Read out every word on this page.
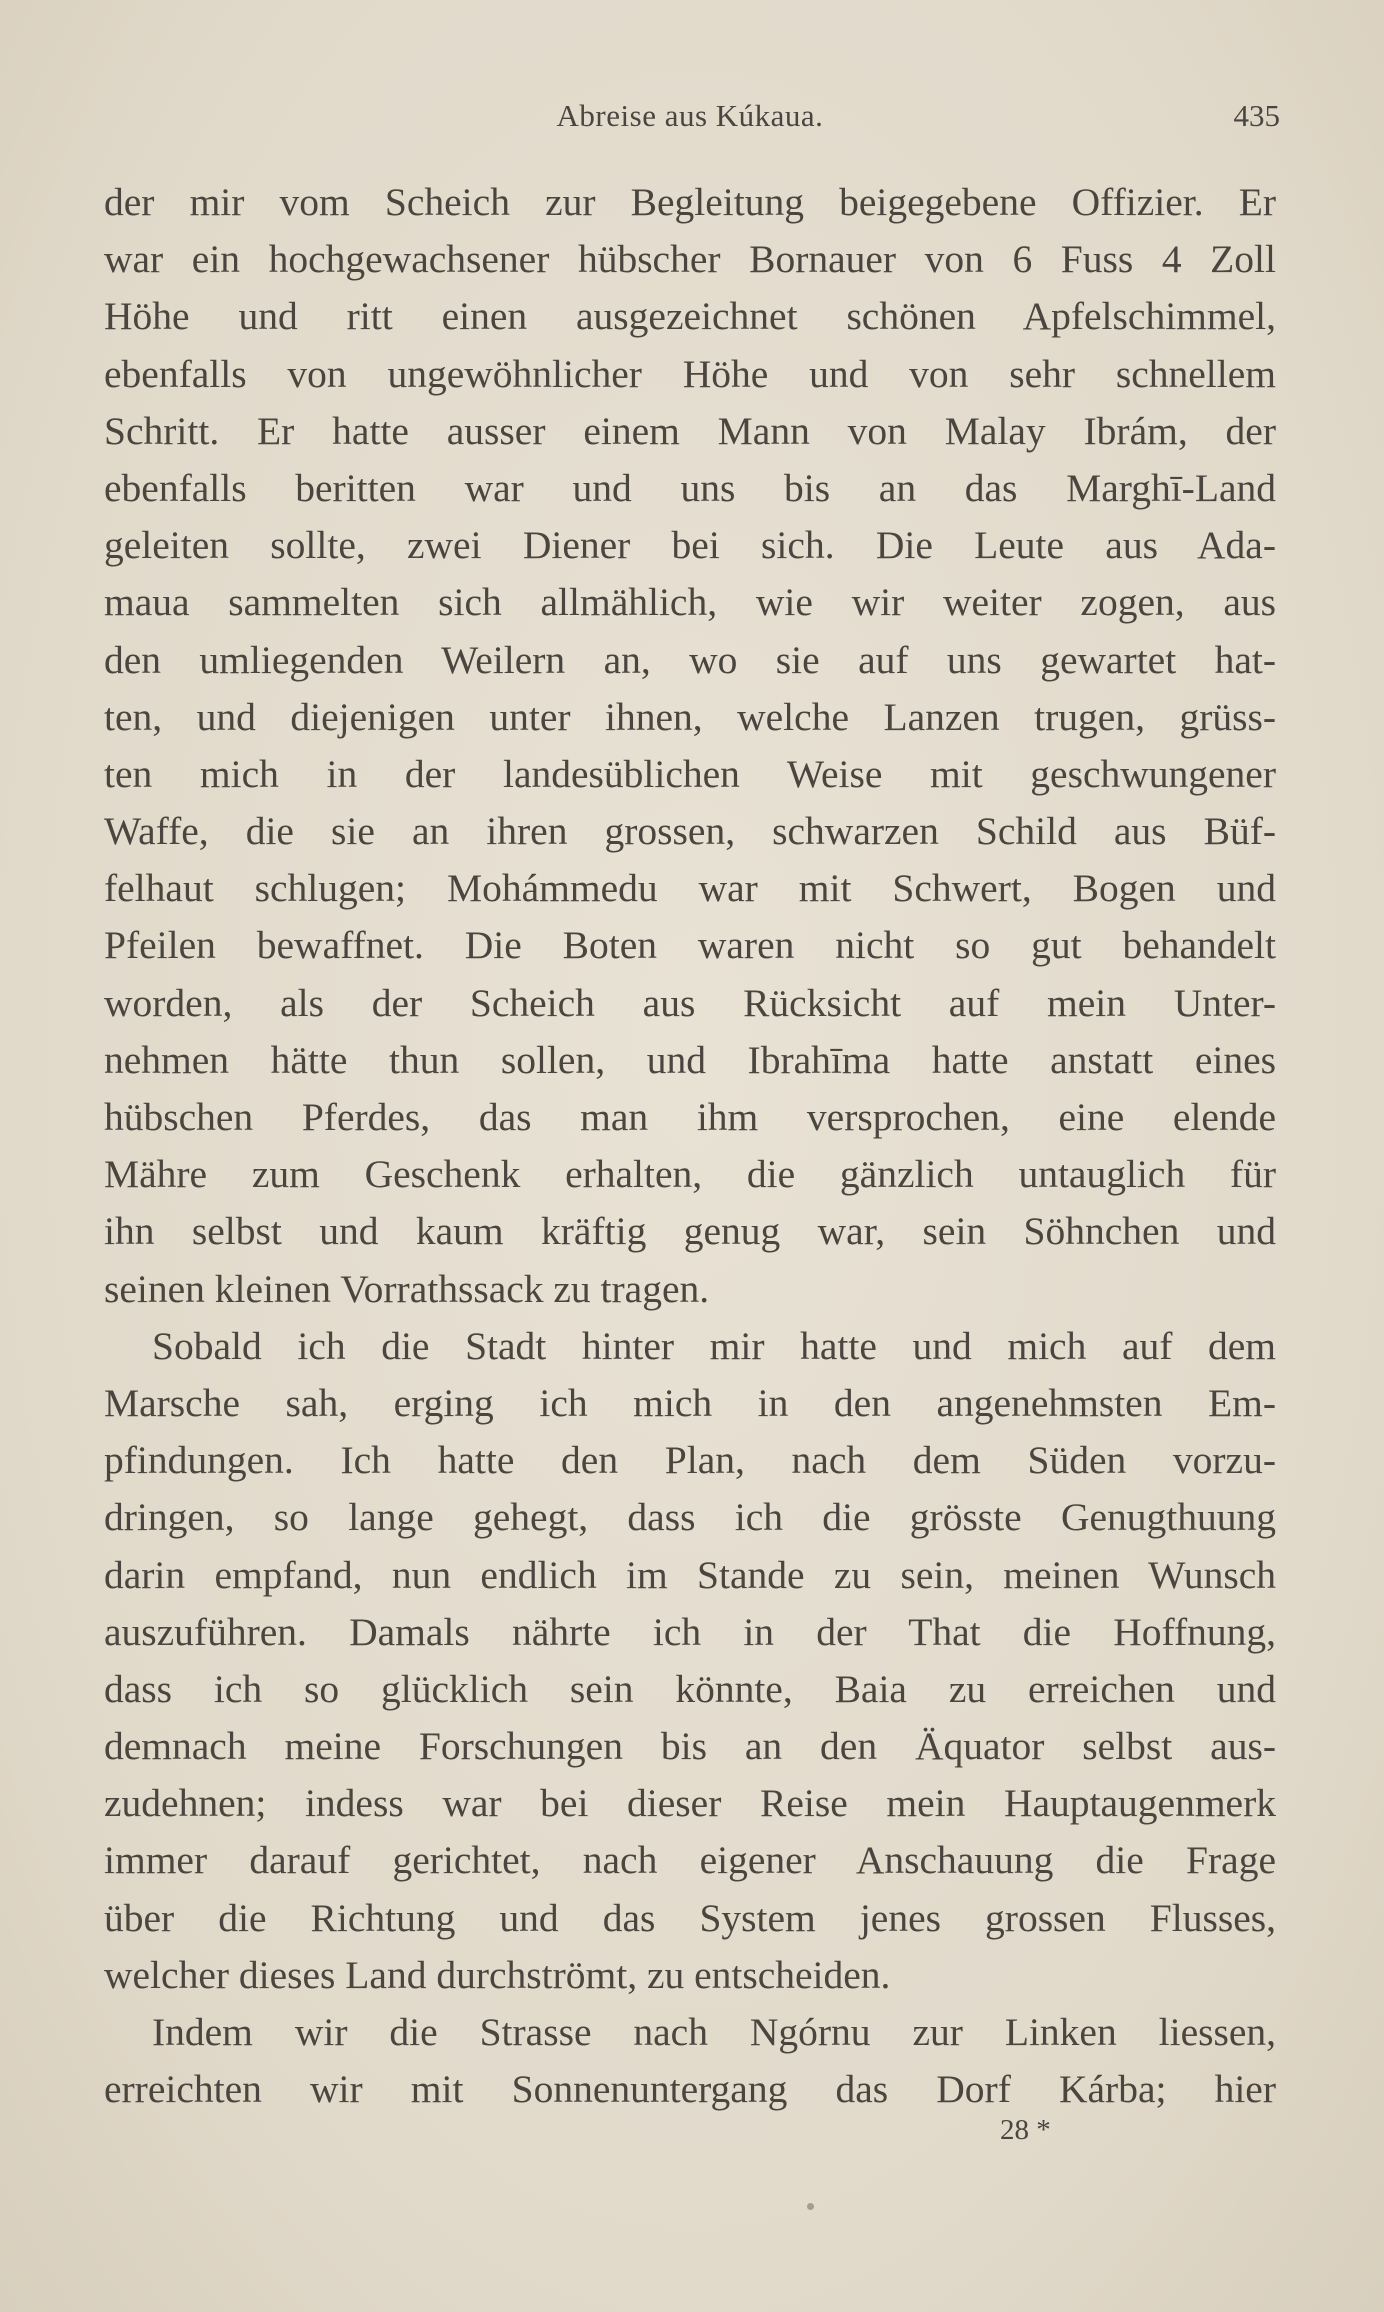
Abreise aus Kúkaua.	435
der mir vom Scheich zur Begleitung beigegebene Offizier. Er
war ein hochgewachsener hübscher Bornauer von 6 Fuss 4 Zoll
Höhe und ritt einen ausgezeichnet schönen Apfelschimmel,
ebenfalls von ungewöhnlicher Höhe und von sehr schnellem
Schritt. Er hatte ausser einem Mann von Malay Ibrám, der
ebenfalls beritten war und uns bis an das Marghī-Land
geleiten sollte, zwei Diener bei sich. Die Leute aus Ada-
maua sammelten sich allmählich, wie wir weiter zogen, aus
den umliegenden Weilern an, wo sie auf uns gewartet hat-
ten, und diejenigen unter ihnen, welche Lanzen trugen, grüss-
ten mich in der landesüblichen Weise mit geschwungener
Waffe, die sie an ihren grossen, schwarzen Schild aus Büf-
felhaut schlugen; Mohámmedu war mit Schwert, Bogen und
Pfeilen bewaffnet. Die Boten waren nicht so gut behandelt
worden, als der Scheich aus Rücksicht auf mein Unter-
nehmen hätte thun sollen, und Ibrahīma hatte anstatt eines
hübschen Pferdes, das man ihm versprochen, eine elende
Mähre zum Geschenk erhalten, die gänzlich untauglich für
ihn selbst und kaum kräftig genug war, sein Söhnchen und
seinen kleinen Vorrathssack zu tragen.
Sobald ich die Stadt hinter mir hatte und mich auf dem
Marsche sah, erging ich mich in den angenehmsten Em-
pfindungen. Ich hatte den Plan, nach dem Süden vorzu-
dringen, so lange gehegt, dass ich die grösste Genugthuung
darin empfand, nun endlich im Stande zu sein, meinen Wunsch
auszuführen. Damals nährte ich in der That die Hoffnung,
dass ich so glücklich sein könnte, Baia zu erreichen und
demnach meine Forschungen bis an den Äquator selbst aus-
zudehnen; indess war bei dieser Reise mein Hauptaugenmerk
immer darauf gerichtet, nach eigener Anschauung die Frage
über die Richtung und das System jenes grossen Flusses,
welcher dieses Land durchströmt, zu entscheiden.
Indem wir die Strasse nach Ngórnu zur Linken liessen,
erreichten wir mit Sonnenuntergang das Dorf Kárba; hier
28 *
